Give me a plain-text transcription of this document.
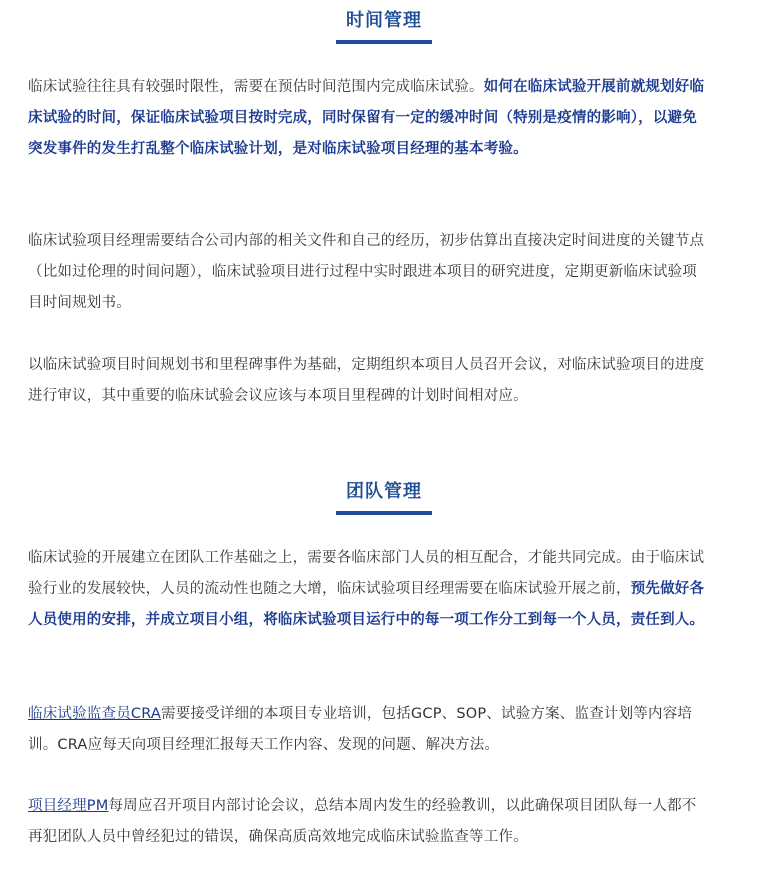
时间管理

临床试验往往具有较强时限性，需要在预估时间范围内完成临床试验。如何在临床试验开展前就规划好临床试验的时间，保证临床试验项目按时完成，同时保留有一定的缓冲时间（特别是疫情的影响），以避免突发事件的发生打乱整个临床试验计划，是对临床试验项目经理的基本考验。

临床试验项目经理需要结合公司内部的相关文件和自己的经历，初步估算出直接决定时间进度的关键节点（比如过伦理的时间问题），临床试验项目进行过程中实时跟进本项目的研究进度，定期更新临床试验项目时间规划书。

以临床试验项目时间规划书和里程碑事件为基础，定期组织本项目人员召开会议，对临床试验项目的进度进行审议，其中重要的临床试验会议应该与本项目里程碑的计划时间相对应。

团队管理

临床试验的开展建立在团队工作基础之上，需要各临床部门人员的相互配合，才能共同完成。由于临床试验行业的发展较快，人员的流动性也随之大增，临床试验项目经理需要在临床试验开展之前，预先做好各人员使用的安排，并成立项目小组，将临床试验项目运行中的每一项工作分工到每一个人员，责任到人。

临床试验监查员CRA需要接受详细的本项目专业培训，包括GCP、SOP、试验方案、监查计划等内容培训。CRA应每天向项目经理汇报每天工作内容、发现的问题、解决方法。

项目经理PM每周应召开项目内部讨论会议，总结本周内发生的经验教训，以此确保项目团队每一人都不再犯团队人员中曾经犯过的错误，确保高质高效地完成临床试验监查等工作。
